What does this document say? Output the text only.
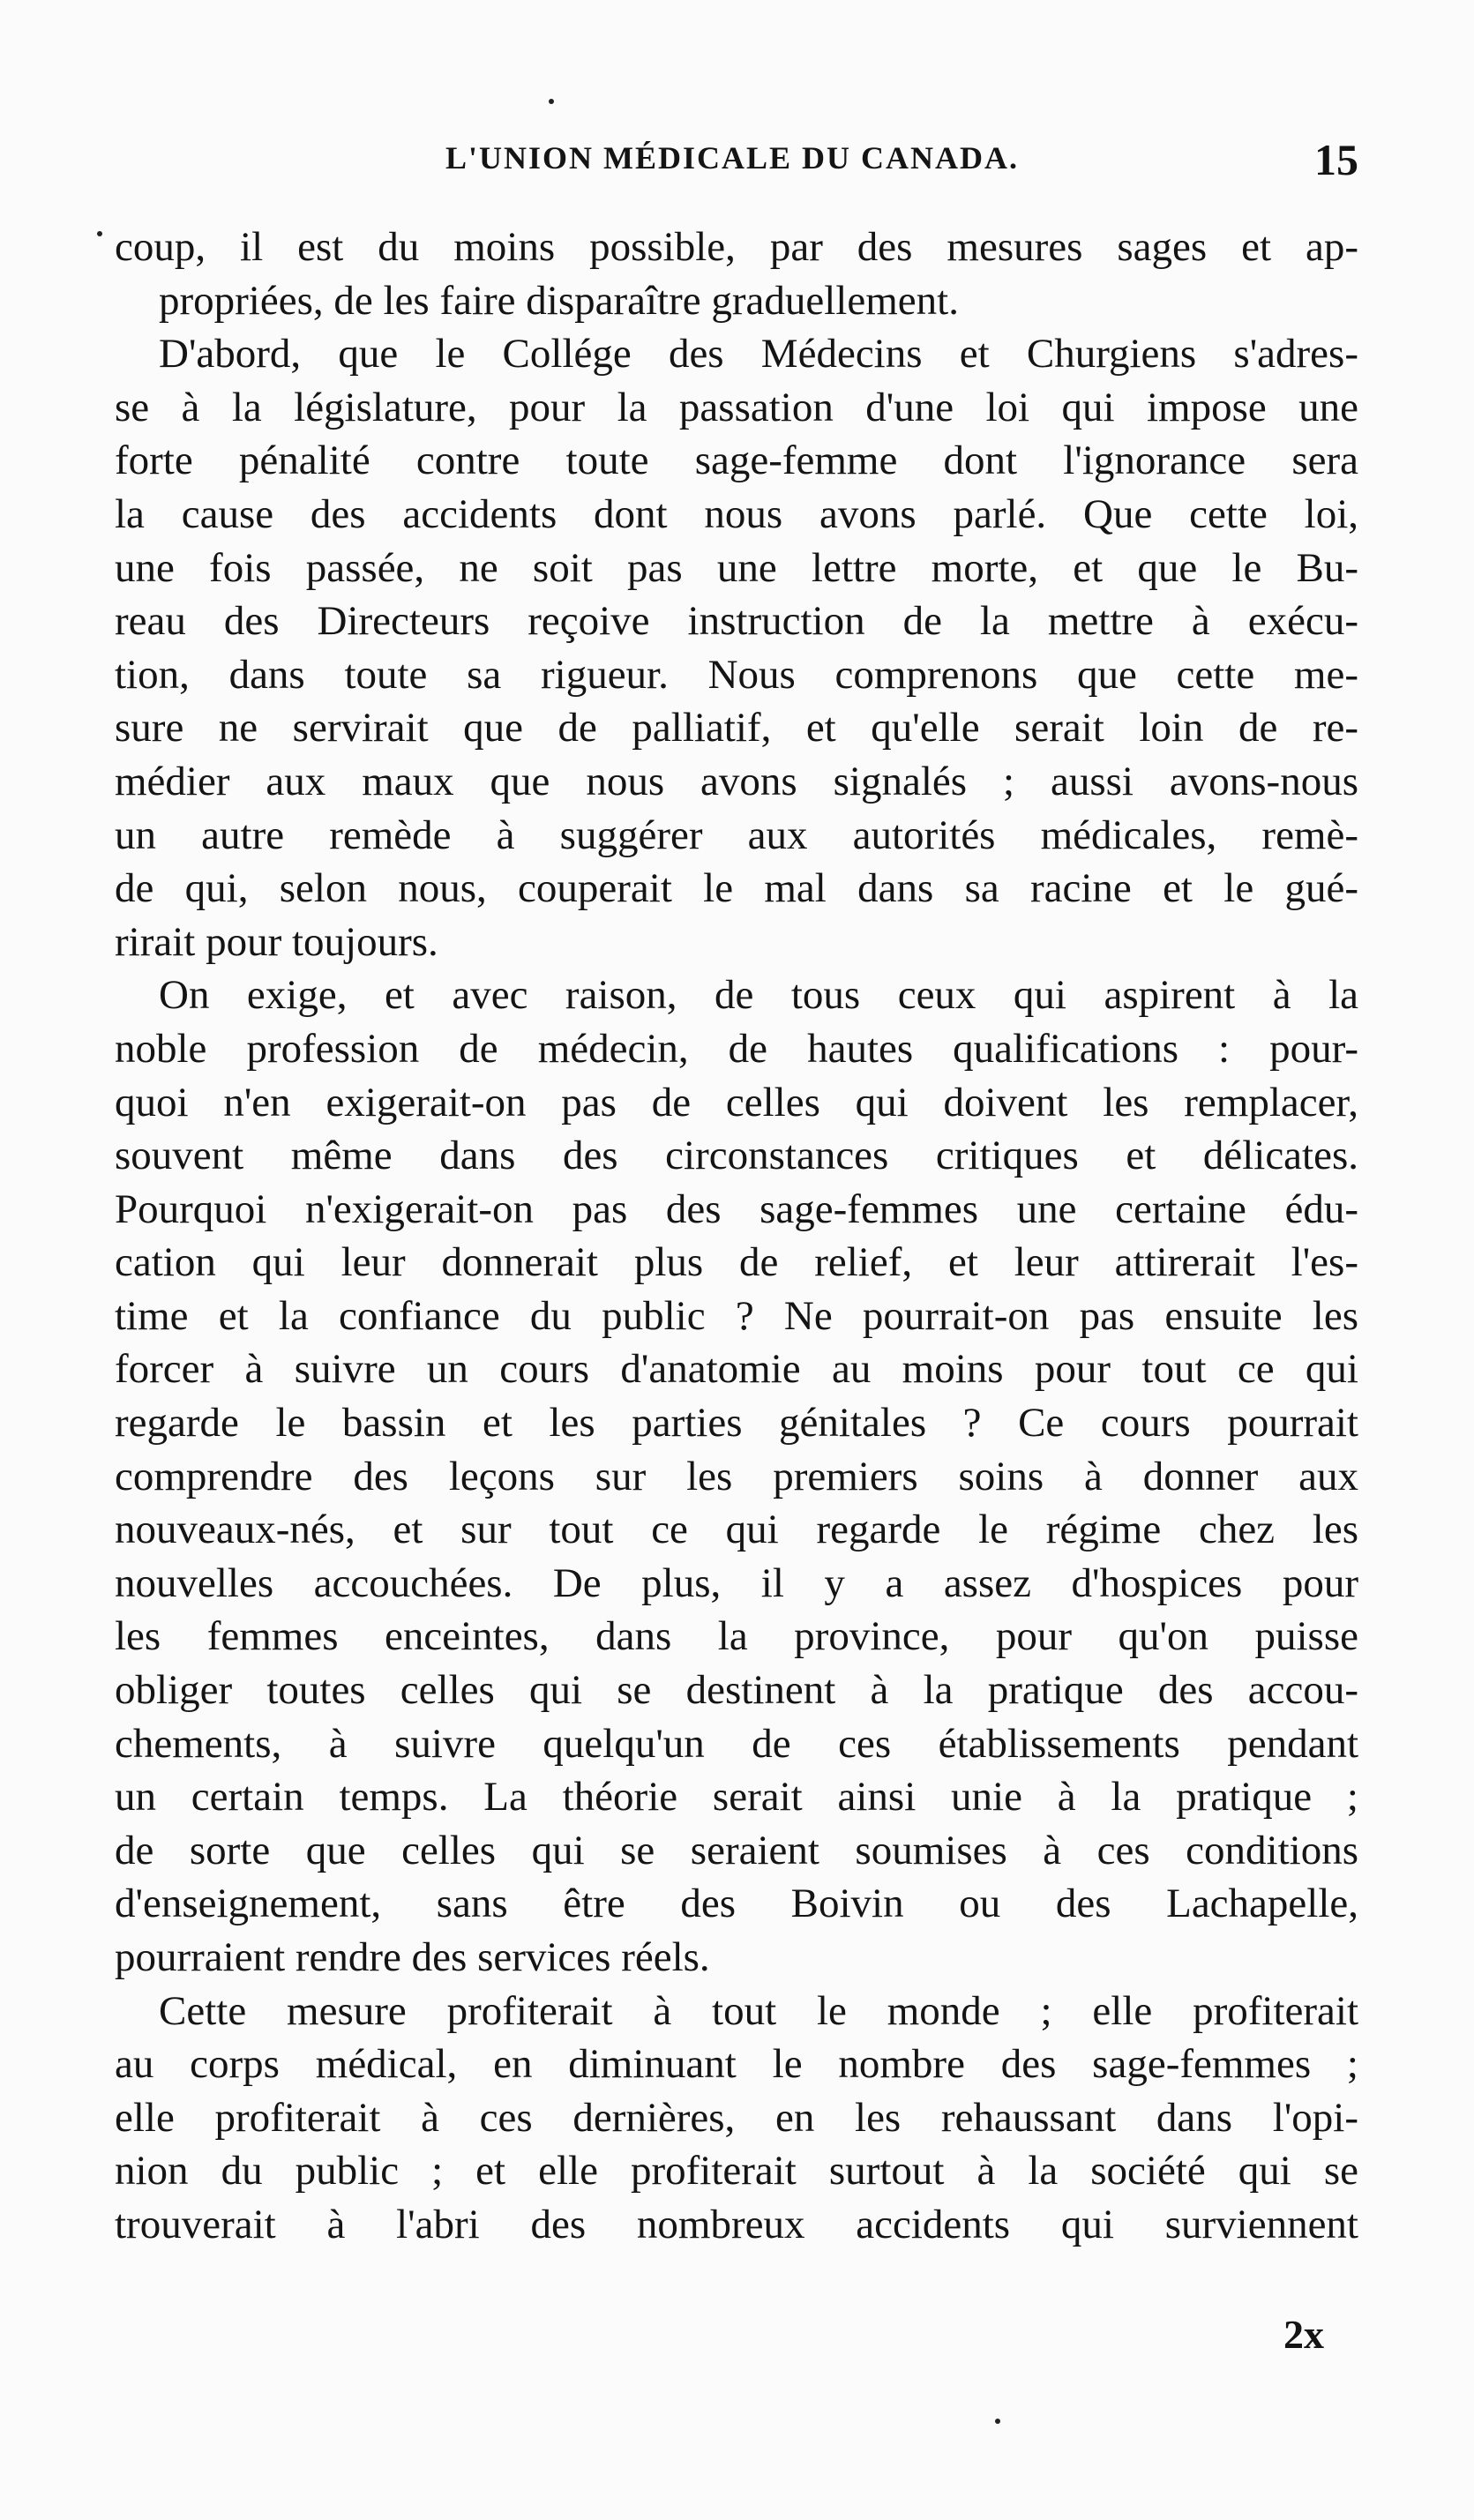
L'UNION MÉDICALE DU CANADA.	15
coup, il est du moins possible, par des mesures sages et ap-
propriées, de les faire disparaître graduellement.
D'abord, que le Collége des Médecins et Churgiens s'adres-
se à la législature, pour la passation d'une loi qui impose une
forte pénalité contre toute sage-femme dont l'ignorance sera
la cause des accidents dont nous avons parlé. Que cette loi,
une fois passée, ne soit pas une lettre morte, et que le Bu-
reau des Directeurs reçoive instruction de la mettre à exécu-
tion, dans toute sa rigueur. Nous comprenons que cette me-
sure ne servirait que de palliatif, et qu'elle serait loin de re-
médier aux maux que nous avons signalés ; aussi avons-nous
un autre remède à suggérer aux autorités médicales, remè-
de qui, selon nous, couperait le mal dans sa racine et le gué-
rirait pour toujours.
On exige, et avec raison, de tous ceux qui aspirent à la
noble profession de médecin, de hautes qualifications : pour-
quoi n'en exigerait-on pas de celles qui doivent les remplacer,
souvent même dans des circonstances critiques et délicates.
Pourquoi n'exigerait-on pas des sage-femmes une certaine édu-
cation qui leur donnerait plus de relief, et leur attirerait l'es-
time et la confiance du public ? Ne pourrait-on pas ensuite les
forcer à suivre un cours d'anatomie au moins pour tout ce qui
regarde le bassin et les parties génitales ? Ce cours pourrait
comprendre des leçons sur les premiers soins à donner aux
nouveaux-nés, et sur tout ce qui regarde le régime chez les
nouvelles accouchées. De plus, il y a assez d'hospices pour
les femmes enceintes, dans la province, pour qu'on puisse
obliger toutes celles qui se destinent à la pratique des accou-
chements, à suivre quelqu'un de ces établissements pendant
un certain temps. La théorie serait ainsi unie à la pratique ;
de sorte que celles qui se seraient soumises à ces conditions
d'enseignement, sans être des Boivin ou des Lachapelle,
pourraient rendre des services réels.
Cette mesure profiterait à tout le monde ; elle profiterait
au corps médical, en diminuant le nombre des sage-femmes ;
elle profiterait à ces dernières, en les rehaussant dans l'opi-
nion du public ; et elle profiterait surtout à la société qui se
trouverait à l'abri des nombreux accidents qui surviennent
2x
